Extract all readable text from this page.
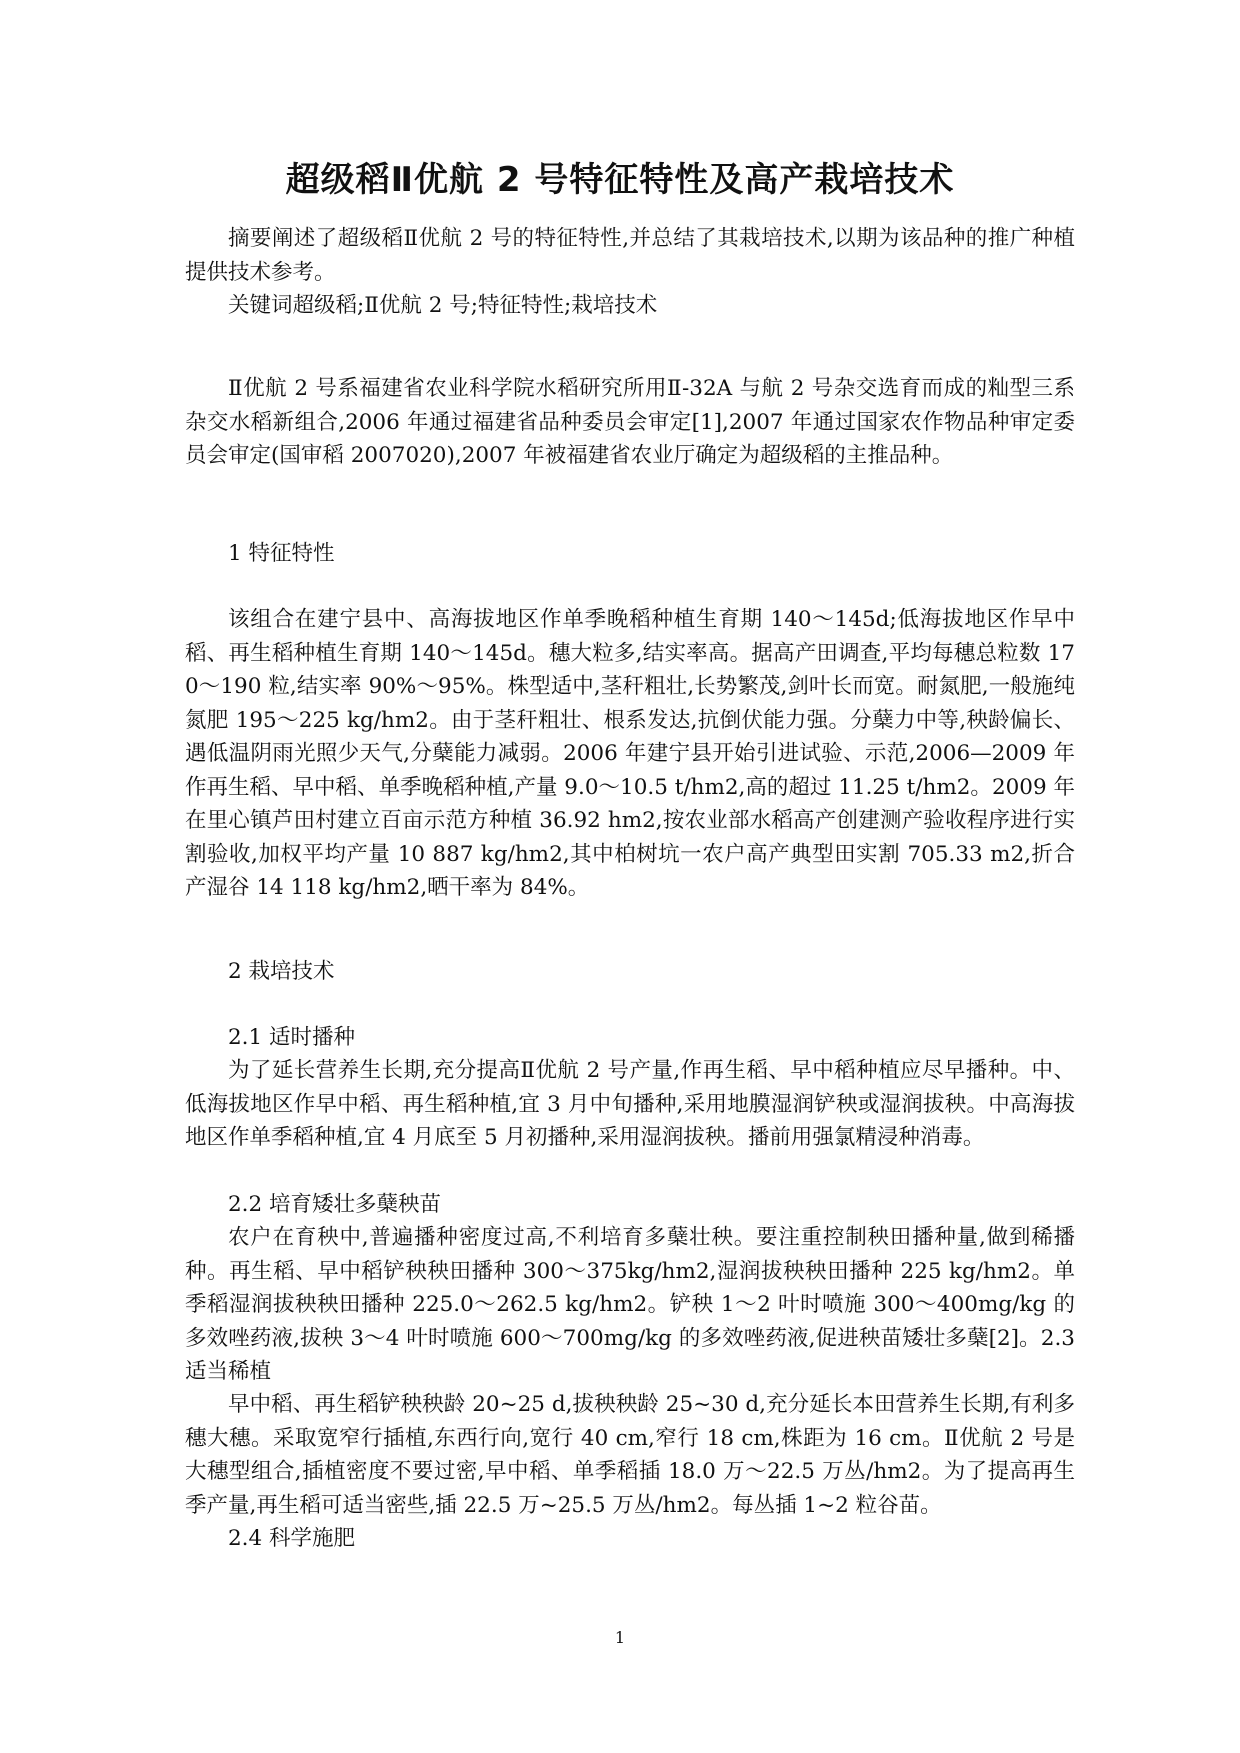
超级稻Ⅱ优航 2 号特征特性及高产栽培技术

摘要阐述了超级稻Ⅱ优航 2 号的特征特性,并总结了其栽培技术,以期为该品种的推广种植提供技术参考。

关键词超级稻;Ⅱ优航 2 号;特征特性;栽培技术

Ⅱ优航 2 号系福建省农业科学院水稻研究所用Ⅱ-32A 与航 2 号杂交选育而成的籼型三系杂交水稻新组合,2006 年通过福建省品种委员会审定[1],2007 年通过国家农作物品种审定委员会审定(国审稻 2007020),2007 年被福建省农业厅确定为超级稻的主推品种。

1 特征特性

该组合在建宁县中、高海拔地区作单季晚稻种植生育期 140～145d;低海拔地区作早中稻、再生稻种植生育期 140～145d。穗大粒多,结实率高。据高产田调查,平均每穗总粒数 170～190 粒,结实率 90%～95%。株型适中,茎秆粗壮,长势繁茂,剑叶长而宽。耐氮肥,一般施纯氮肥 195～225 kg/hm2。由于茎秆粗壮、根系发达,抗倒伏能力强。分蘖力中等,秧龄偏长、遇低温阴雨光照少天气,分蘖能力减弱。2006 年建宁县开始引进试验、示范,2006—2009 年作再生稻、早中稻、单季晚稻种植,产量 9.0～10.5 t/hm2,高的超过 11.25 t/hm2。2009 年在里心镇芦田村建立百亩示范方种植 36.92 hm2,按农业部水稻高产创建测产验收程序进行实割验收,加权平均产量 10 887 kg/hm2,其中柏树坑一农户高产典型田实割 705.33 m2,折合产湿谷 14 118 kg/hm2,晒干率为 84%。

2 栽培技术

2.1 适时播种

为了延长营养生长期,充分提高Ⅱ优航 2 号产量,作再生稻、早中稻种植应尽早播种。中、低海拔地区作早中稻、再生稻种植,宜 3 月中旬播种,采用地膜湿润铲秧或湿润拔秧。中高海拔地区作单季稻种植,宜 4 月底至 5 月初播种,采用湿润拔秧。播前用强氯精浸种消毒。

2.2 培育矮壮多蘖秧苗

农户在育秧中,普遍播种密度过高,不利培育多蘖壮秧。要注重控制秧田播种量,做到稀播种。再生稻、早中稻铲秧秧田播种 300～375kg/hm2,湿润拔秧秧田播种 225 kg/hm2。单季稻湿润拔秧秧田播种 225.0～262.5 kg/hm2。铲秧 1～2 叶时喷施 300～400mg/kg 的多效唑药液,拔秧 3～4 叶时喷施 600～700mg/kg 的多效唑药液,促进秧苗矮壮多蘖[2]。2.3 适当稀植

早中稻、再生稻铲秧秧龄 20~25 d,拔秧秧龄 25~30 d,充分延长本田营养生长期,有利多穗大穗。采取宽窄行插植,东西行向,宽行 40 cm,窄行 18 cm,株距为 16 cm。Ⅱ优航 2 号是大穗型组合,插植密度不要过密,早中稻、单季稻插 18.0 万～22.5 万丛/hm2。为了提高再生季产量,再生稻可适当密些,插 22.5 万~25.5 万丛/hm2。每丛插 1~2 粒谷苗。

2.4 科学施肥

1
